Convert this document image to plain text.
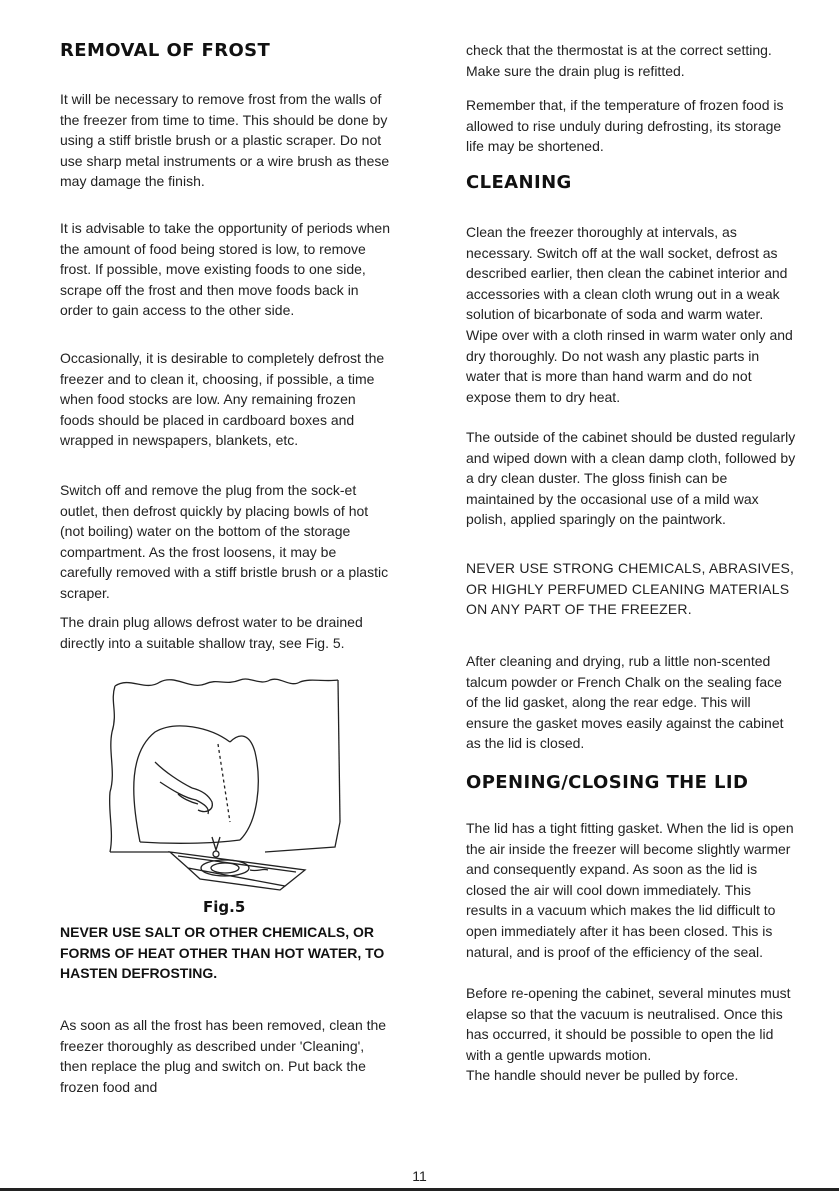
REMOVAL OF FROST

It will be necessary to remove frost from the walls of the freezer from time to time. This should be done by using a stiff bristle brush or a plastic scraper. Do not use sharp metal instruments or a wire brush as these may damage the finish.

It is advisable to take the opportunity of periods when the amount of food being stored is low, to remove frost. If possible, move existing foods to one side, scrape off the frost and then move foods back in order to gain access to the other side.

Occasionally, it is desirable to completely defrost the freezer and to clean it, choosing, if possible, a time when food stocks are low. Any remaining frozen foods should be placed in cardboard boxes and wrapped in newspapers, blankets, etc.

Switch off and remove the plug from the sock-et outlet, then defrost quickly by placing bowls of hot (not boiling) water on the bottom of the storage compartment. As the frost loosens, it may be carefully removed with a stiff bristle brush or a plastic scraper.

The drain plug allows defrost water to be drained directly into a suitable shallow tray, see Fig. 5.

NEVER USE SALT OR OTHER CHEMICALS, OR FORMS OF HEAT OTHER THAN HOT WATER, TO HASTEN DEFROSTING.

As soon as all the frost has been removed, clean the freezer thoroughly as described under 'Cleaning', then replace the plug and switch on. Put back the frozen food and

Fig.5

check that the thermostat is at the correct setting. Make sure the drain plug is refitted.

Remember that, if the temperature of frozen food is allowed to rise unduly during defrosting, its storage life may be shortened.

CLEANING

Clean the freezer thoroughly at intervals, as necessary. Switch off at the wall socket, defrost as described earlier, then clean the cabinet interior and accessories with a clean cloth wrung out in a weak solution of bicarbonate of soda and warm water. Wipe over with a cloth rinsed in warm water only and dry thoroughly. Do not wash any plastic parts in water that is more than hand warm and do not expose them to dry heat.

The outside of the cabinet should be dusted regularly and wiped down with a clean damp cloth, followed by a dry clean duster. The gloss finish can be maintained by the occasional use of a mild wax polish, applied sparingly on the paintwork.

NEVER USE STRONG CHEMICALS, ABRASIVES, OR HIGHLY PERFUMED CLEANING MATERIALS ON ANY PART OF THE FREEZER.

After cleaning and drying, rub a little non-scented talcum powder or French Chalk on the sealing face of the lid gasket, along the rear edge. This will ensure the gasket moves easily against the cabinet as the lid is closed.

OPENING/CLOSING THE LID

The lid has a tight fitting gasket. When the lid is open the air inside the freezer will become slightly warmer and consequently expand. As soon as the lid is closed the air will cool down immediately. This results in a vacuum which makes the lid difficult to open immediately after it has been closed. This is natural, and is proof of the efficiency of the seal.

Before re-opening the cabinet, several minutes must elapse so that the vacuum is neutralised. Once this has occurred, it should be possible to open the lid with a gentle upwards motion.

The handle should never be pulled by force.

11
